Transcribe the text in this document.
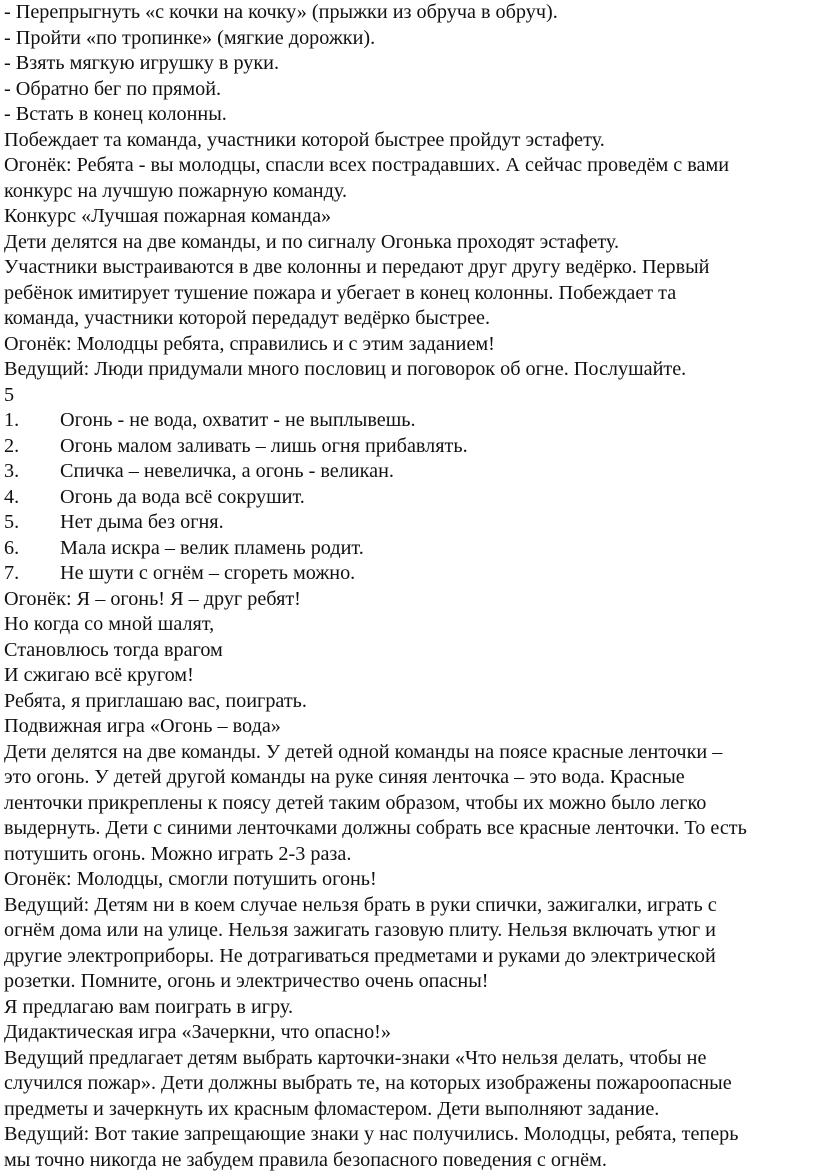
- Перепрыгнуть «с кочки на кочку» (прыжки из обруча в обруч).
- Пройти «по тропинке» (мягкие дорожки).
- Взять мягкую игрушку в руки.
- Обратно бег по прямой.
- Встать в конец колонны.
Побеждает та команда, участники которой быстрее пройдут эстафету.
Огонёк: Ребята - вы молодцы, спасли всех пострадавших. А сейчас проведём с вами
конкурс на лучшую пожарную команду.
Конкурс «Лучшая пожарная команда»
Дети делятся на две команды, и по сигналу Огонька проходят эстафету.
Участники выстраиваются в две колонны и передают друг другу ведёрко. Первый
ребёнок имитирует тушение пожара и убегает в конец колонны. Побеждает та
команда, участники которой передадут ведёрко быстрее.
Огонёк: Молодцы ребята, справились и с этим заданием!
Ведущий: Люди придумали много пословиц и поговорок об огне. Послушайте.
5
1. Огонь - не вода, охватит - не выплывешь.
2. Огонь малом заливать – лишь огня прибавлять.
3. Спичка – невеличка, а огонь - великан.
4. Огонь да вода всё сокрушит.
5. Нет дыма без огня.
6. Мала искра – велик пламень родит.
7. Не шути с огнём – сгореть можно.
Огонёк: Я – огонь! Я – друг ребят!
Но когда со мной шалят,
Становлюсь тогда врагом
И сжигаю всё кругом!
Ребята, я приглашаю вас, поиграть.
Подвижная игра «Огонь – вода»
Дети делятся на две команды. У детей одной команды на поясе красные ленточки –
это огонь. У детей другой команды на руке синяя ленточка – это вода. Красные
ленточки прикреплены к поясу детей таким образом, чтобы их можно было легко
выдернуть. Дети с синими ленточками должны собрать все красные ленточки. То есть
потушить огонь. Можно играть 2-3 раза.
Огонёк: Молодцы, смогли потушить огонь!
Ведущий: Детям ни в коем случае нельзя брать в руки спички, зажигалки, играть с
огнём дома или на улице. Нельзя зажигать газовую плиту. Нельзя включать утюг и
другие электроприборы. Не дотрагиваться предметами и руками до электрической
розетки. Помните, огонь и электричество очень опасны!
Я предлагаю вам поиграть в игру.
Дидактическая игра «Зачеркни, что опасно!»
Ведущий предлагает детям выбрать карточки-знаки «Что нельзя делать, чтобы не
случился пожар». Дети должны выбрать те, на которых изображены пожароопасные
предметы и зачеркнуть их красным фломастером. Дети выполняют задание.
Ведущий: Вот такие запрещающие знаки у нас получились. Молодцы, ребята, теперь
мы точно никогда не забудем правила безопасного поведения с огнём.
